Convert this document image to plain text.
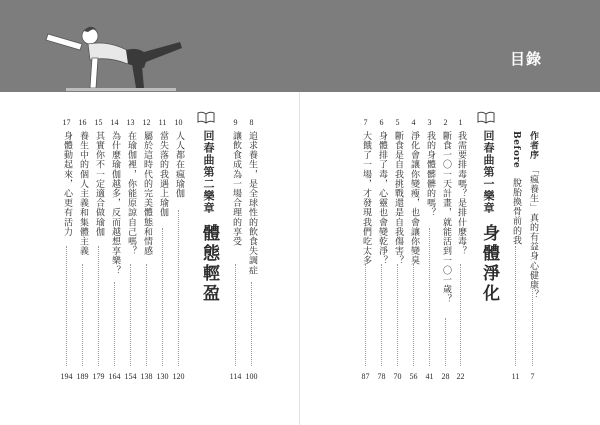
目錄
作者序　「瘋養生」真的有益身心健康？
7
Before　脫胎換骨前的我
11
回春曲第一樂章
身體淨化
1
我需要排毒嗎？是排什麼毒？
22
2
斷食一〇一天計畫，就能活到一〇一歲？
28
3
我的身體髒髒的嗎？
41
4
淨化會讓你變瘦，也會讓你變臭
56
5
斷食是自我挑戰還是自我傷害？
70
6
身體排了毒，心靈也會變乾淨？
78
7
大餓了一場，才發現我們吃太多
87
8
追求養生，是全球性的飲食失調症
100
9
讓飲食成為一場合理的享受
114
回春曲第二樂章
體態輕盈
10
人人都在瘋瑜伽
120
11
當失落的我遇上瑜伽
130
12
屬於這時代的完美體態和情感
138
13
在瑜伽裡，你能原諒自己嗎？
154
14
為什麼瑜伽越多，反而越想享樂？
164
15
其實你不一定適合做瑜伽
179
16
養生中的個人主義和集體主義
189
17
身體動起來，心更有活力
194
